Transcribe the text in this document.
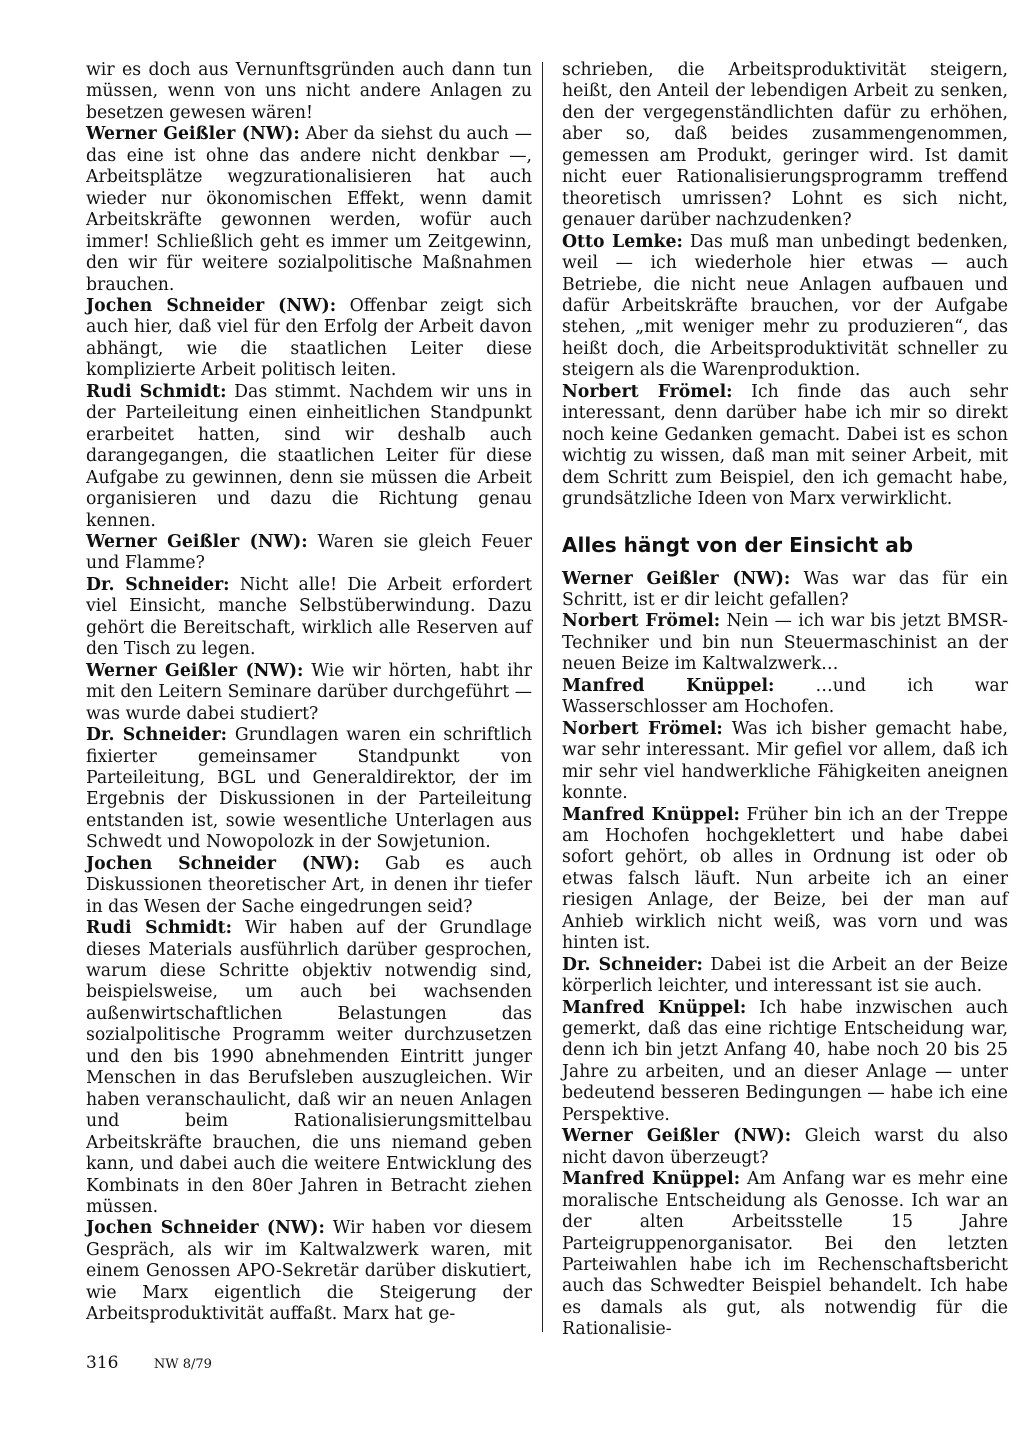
wir es doch aus Vernunftsgründen auch dann tun müssen, wenn von uns nicht andere Anlagen zu besetzen gewesen wären!

Werner Geißler (NW): Aber da siehst du auch — das eine ist ohne das andere nicht denkbar —, Arbeitsplätze wegzurationalisieren hat auch wieder nur ökonomischen Effekt, wenn damit Arbeitskräfte gewonnen werden, wofür auch immer! Schließlich geht es immer um Zeitgewinn, den wir für weitere sozialpolitische Maßnahmen brauchen.

Jochen Schneider (NW): Offenbar zeigt sich auch hier, daß viel für den Erfolg der Arbeit davon abhängt, wie die staatlichen Leiter diese komplizierte Arbeit politisch leiten.

Rudi Schmidt: Das stimmt. Nachdem wir uns in der Parteileitung einen einheitlichen Standpunkt erarbeitet hatten, sind wir deshalb auch darangegangen, die staatlichen Leiter für diese Aufgabe zu gewinnen, denn sie müssen die Arbeit organisieren und dazu die Richtung genau kennen.

Werner Geißler (NW): Waren sie gleich Feuer und Flamme?

Dr. Schneider: Nicht alle! Die Arbeit erfordert viel Einsicht, manche Selbstüberwindung. Dazu gehört die Bereitschaft, wirklich alle Reserven auf den Tisch zu legen.

Werner Geißler (NW): Wie wir hörten, habt ihr mit den Leitern Seminare darüber durchgeführt — was wurde dabei studiert?

Dr. Schneider: Grundlagen waren ein schriftlich fixierter gemeinsamer Standpunkt von Parteileitung, BGL und Generaldirektor, der im Ergebnis der Diskussionen in der Parteileitung entstanden ist, sowie wesentliche Unterlagen aus Schwedt und Nowopolozk in der Sowjetunion.

Jochen Schneider (NW): Gab es auch Diskussionen theoretischer Art, in denen ihr tiefer in das Wesen der Sache eingedrungen seid?

Rudi Schmidt: Wir haben auf der Grundlage dieses Materials ausführlich darüber gesprochen, warum diese Schritte objektiv notwendig sind, beispielsweise, um auch bei wachsenden außenwirtschaftlichen Belastungen das sozialpolitische Programm weiter durchzusetzen und den bis 1990 abnehmenden Eintritt junger Menschen in das Berufsleben auszugleichen. Wir haben veranschaulicht, daß wir an neuen Anlagen und beim Rationalisierungsmittelbau Arbeitskräfte brauchen, die uns niemand geben kann, und dabei auch die weitere Entwicklung des Kombinats in den 80er Jahren in Betracht ziehen müssen.

Jochen Schneider (NW): Wir haben vor diesem Gespräch, als wir im Kaltwalzwerk waren, mit einem Genossen APO-Sekretär darüber diskutiert, wie Marx eigentlich die Steigerung der Arbeitsproduktivität auffaßt. Marx hat ge-

schrieben, die Arbeitsproduktivität steigern, heißt, den Anteil der lebendigen Arbeit zu senken, den der vergegenständlichten dafür zu erhöhen, aber so, daß beides zusammengenommen, gemessen am Produkt, geringer wird. Ist damit nicht euer Rationalisierungsprogramm treffend theoretisch umrissen? Lohnt es sich nicht, genauer darüber nachzudenken?

Otto Lemke: Das muß man unbedingt bedenken, weil — ich wiederhole hier etwas — auch Betriebe, die nicht neue Anlagen aufbauen und dafür Arbeitskräfte brauchen, vor der Aufgabe stehen, „mit weniger mehr zu produzieren“, das heißt doch, die Arbeitsproduktivität schneller zu steigern als die Warenproduktion.

Norbert Frömel: Ich finde das auch sehr interessant, denn darüber habe ich mir so direkt noch keine Gedanken gemacht. Dabei ist es schon wichtig zu wissen, daß man mit seiner Arbeit, mit dem Schritt zum Beispiel, den ich gemacht habe, grundsätzliche Ideen von Marx verwirklicht.

Alles hängt von der Einsicht ab

Werner Geißler (NW): Was war das für ein Schritt, ist er dir leicht gefallen?

Norbert Frömel: Nein — ich war bis jetzt BMSR-Techniker und bin nun Steuermaschinist an der neuen Beize im Kaltwalzwerk…

Manfred Knüppel: …und ich war Wasserschlosser am Hochofen.

Norbert Frömel: Was ich bisher gemacht habe, war sehr interessant. Mir gefiel vor allem, daß ich mir sehr viel handwerkliche Fähigkeiten aneignen konnte.

Manfred Knüppel: Früher bin ich an der Treppe am Hochofen hochgeklettert und habe dabei sofort gehört, ob alles in Ordnung ist oder ob etwas falsch läuft. Nun arbeite ich an einer riesigen Anlage, der Beize, bei der man auf Anhieb wirklich nicht weiß, was vorn und was hinten ist.

Dr. Schneider: Dabei ist die Arbeit an der Beize körperlich leichter, und interessant ist sie auch.

Manfred Knüppel: Ich habe inzwischen auch gemerkt, daß das eine richtige Entscheidung war, denn ich bin jetzt Anfang 40, habe noch 20 bis 25 Jahre zu arbeiten, und an dieser Anlage — unter bedeutend besseren Bedingungen — habe ich eine Perspektive.

Werner Geißler (NW): Gleich warst du also nicht davon überzeugt?

Manfred Knüppel: Am Anfang war es mehr eine moralische Entscheidung als Genosse. Ich war an der alten Arbeitsstelle 15 Jahre Parteigruppenorganisator. Bei den letzten Parteiwahlen habe ich im Rechenschaftsbericht auch das Schwedter Beispiel behandelt. Ich habe es damals als gut, als notwendig für die Rationalisie-

316	NW 8/79
